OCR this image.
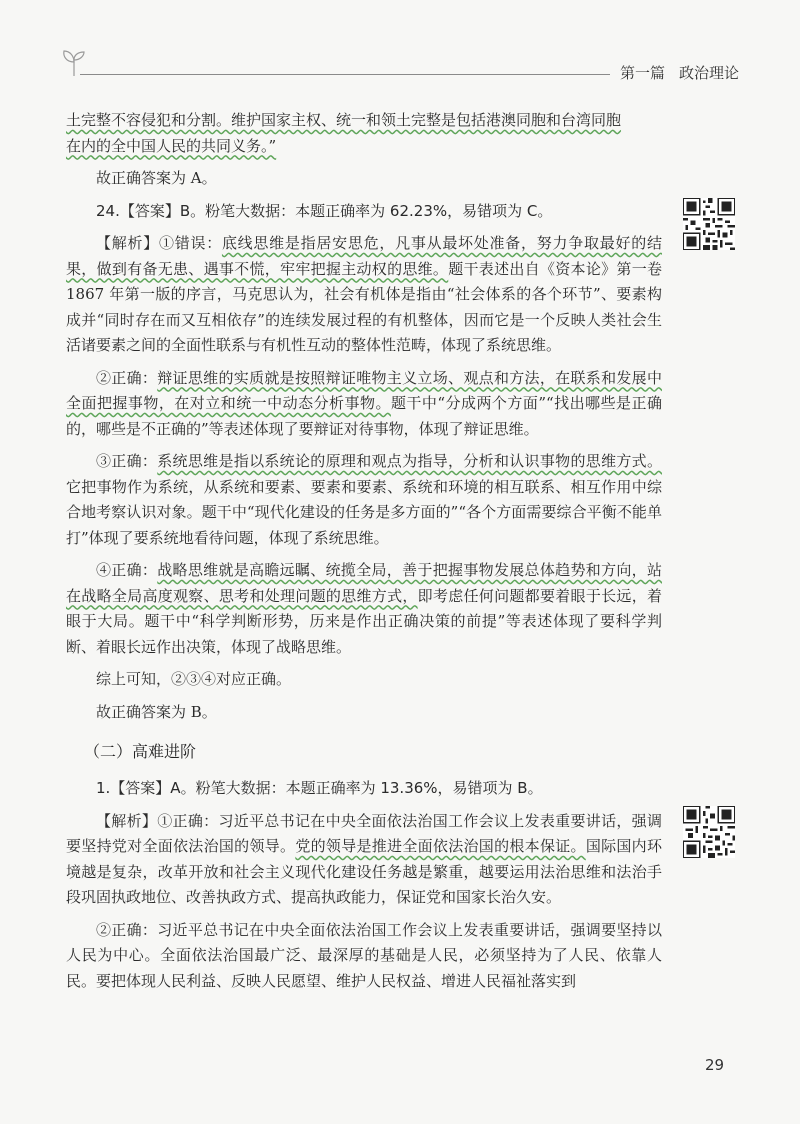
第一篇 政治理论

土完整不容侵犯和分割。维护国家主权、统一和领土完整是包括港澳同胞和台湾同胞
在内的全中国人民的共同义务。”

故正确答案为 A。

24.【答案】B。粉笔大数据：本题正确率为 62.23%，易错项为 C。

【解析】①错误：底线思维是指居安思危，凡事从最坏处准备，努力争取最好的结果，做到有备无患、遇事不慌，牢牢把握主动权的思维。题干表述出自《资本论》第一卷 1867 年第一版的序言，马克思认为，社会有机体是指由“社会体系的各个环节”、要素构成并“同时存在而又互相依存”的连续发展过程的有机整体，因而它是一个反映人类社会生活诸要素之间的全面性联系与有机性互动的整体性范畴，体现了系统思维。

②正确：辩证思维的实质就是按照辩证唯物主义立场、观点和方法，在联系和发展中全面把握事物，在对立和统一中动态分析事物。题干中“分成两个方面”“找出哪些是正确的，哪些是不正确的”等表述体现了要辩证对待事物，体现了辩证思维。

③正确：系统思维是指以系统论的原理和观点为指导，分析和认识事物的思维方式。它把事物作为系统，从系统和要素、要素和要素、系统和环境的相互联系、相互作用中综合地考察认识对象。题干中“现代化建设的任务是多方面的”“各个方面需要综合平衡不能单打”体现了要系统地看待问题，体现了系统思维。

④正确：战略思维就是高瞻远瞩、统揽全局，善于把握事物发展总体趋势和方向，站在战略全局高度观察、思考和处理问题的思维方式，即考虑任何问题都要着眼于长远，着眼于大局。题干中“科学判断形势，历来是作出正确决策的前提”等表述体现了要科学判断、着眼长远作出决策，体现了战略思维。

综上可知，②③④对应正确。

故正确答案为 B。

（二）高难进阶

1.【答案】A。粉笔大数据：本题正确率为 13.36%，易错项为 B。

【解析】①正确：习近平总书记在中央全面依法治国工作会议上发表重要讲话，强调要坚持党对全面依法治国的领导。党的领导是推进全面依法治国的根本保证。国际国内环境越是复杂，改革开放和社会主义现代化建设任务越是繁重，越要运用法治思维和法治手段巩固执政地位、改善执政方式、提高执政能力，保证党和国家长治久安。

②正确：习近平总书记在中央全面依法治国工作会议上发表重要讲话，强调要坚持以人民为中心。全面依法治国最广泛、最深厚的基础是人民，必须坚持为了人民、依靠人民。要把体现人民利益、反映人民愿望、维护人民权益、增进人民福祉落实到

29
